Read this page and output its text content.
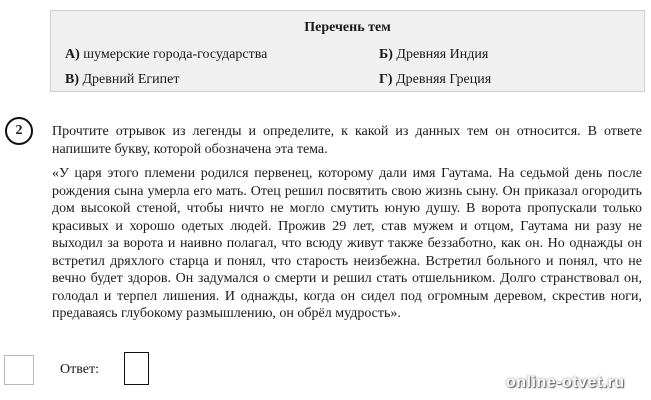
Перечень тем
А) шумерские города-государства	Б) Древняя Индия
В) Древний Египет	Г) Древняя Греция
2	Прочтите отрывок из легенды и определите, к какой из данных тем он относится. В ответе напишите букву, которой обозначена эта тема.
«У царя этого племени родился первенец, которому дали имя Гаутама. На седьмой день после рождения сына умерла его мать. Отец решил посвятить свою жизнь сыну. Он приказал огородить дом высокой стеной, чтобы ничто не могло смутить юную душу. В ворота пропускали только красивых и хорошо одетых людей. Прожив 29 лет, став мужем и отцом, Гаутама ни разу не выходил за ворота и наивно полагал, что всюду живут также беззаботно, как он. Но однажды он встретил дряхлого старца и понял, что старость неизбежна. Встретил больного и понял, что не вечно будет здоров. Он задумался о смерти и решил стать отшельником. Долго странствовал он, голодал и терпел лишения. И однажды, когда он сидел под огромным деревом, скрестив ноги, предаваясь глубокому размышлению, он обрёл мудрость».
Ответ:
online-otvet.ru
